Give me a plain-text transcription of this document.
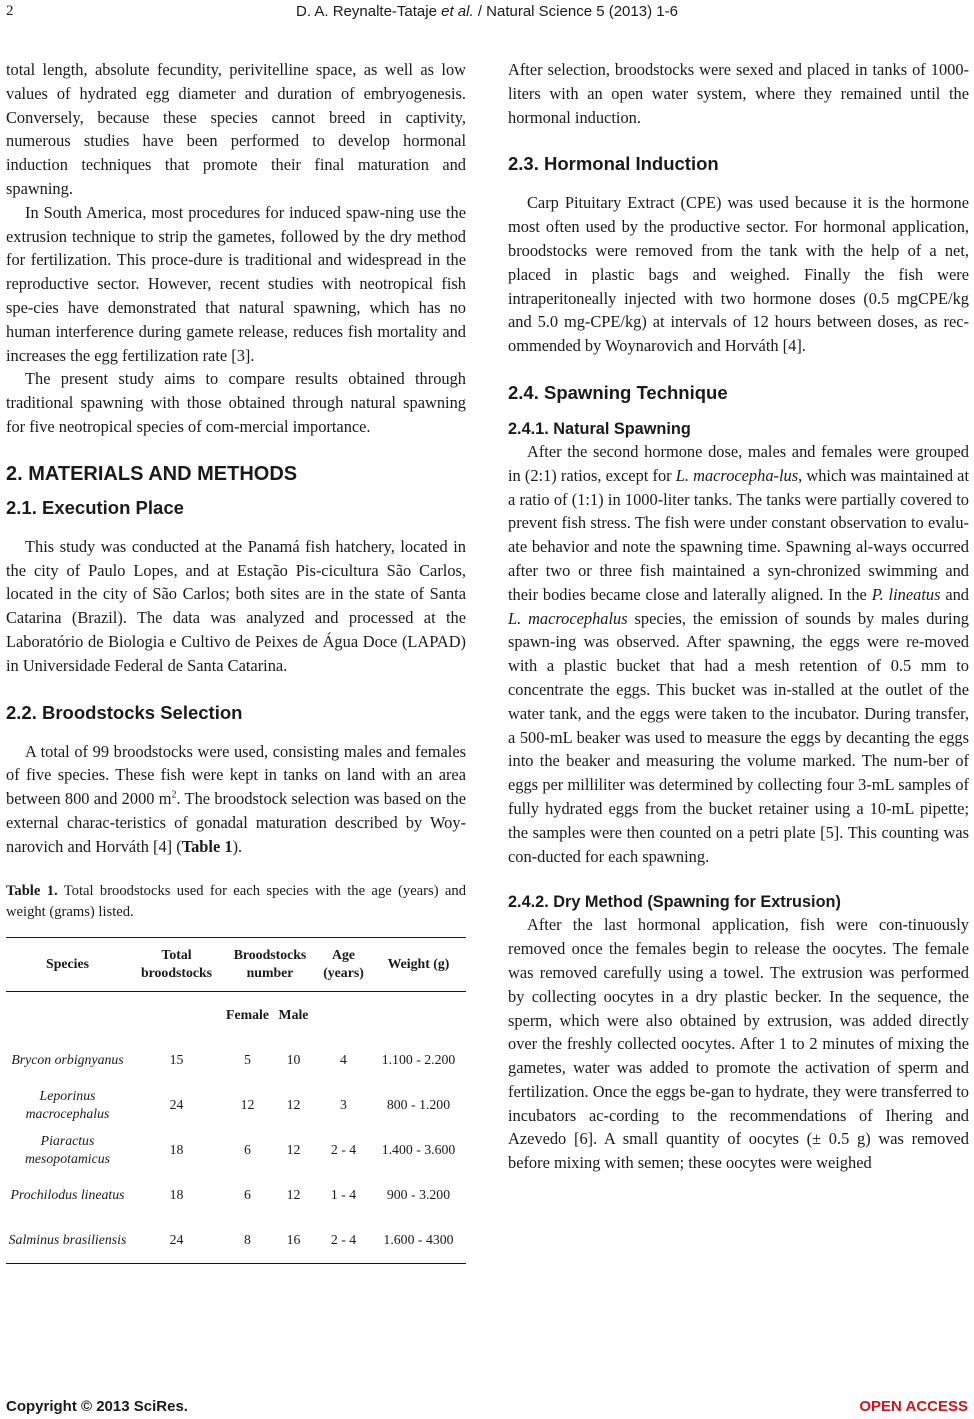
2	D. A. Reynalte-Tataje et al. / Natural Science 5 (2013) 1-6

total length, absolute fecundity, perivitelline space, as well as low values of hydrated egg diameter and duration of embryogenesis. Conversely, because these species cannot breed in captivity, numerous studies have been performed to develop hormonal induction techniques that promote their final maturation and spawning.

In South America, most procedures for induced spaw-ning use the extrusion technique to strip the gametes, followed by the dry method for fertilization. This proce-dure is traditional and widespread in the reproductive sector. However, recent studies with neotropical fish spe-cies have demonstrated that natural spawning, which has no human interference during gamete release, reduces fish mortality and increases the egg fertilization rate [3].

The present study aims to compare results obtained through traditional spawning with those obtained through natural spawning for five neotropical species of com-mercial importance.

2. MATERIALS AND METHODS
2.1. Execution Place

This study was conducted at the Panamá fish hatchery, located in the city of Paulo Lopes, and at Estação Pis-cicultura São Carlos, located in the city of São Carlos; both sites are in the state of Santa Catarina (Brazil). The data was analyzed and processed at the Laboratório de Biologia e Cultivo de Peixes de Água Doce (LAPAD) in Universidade Federal de Santa Catarina.

2.2. Broodstocks Selection

A total of 99 broodstocks were used, consisting males and females of five species. These fish were kept in tanks on land with an area between 800 and 2000 $m^2$. The broodstock selection was based on the external charac-teristics of gonadal maturation described by Woy-narovich and Horváth [4] (Table 1).

Table 1. Total broodstocks used for each species with the age (years) and weight (grams) listed.

Species	Total broodstocks	Broodstocks number		Age (years)	Weight (g)
		Female	Male		
Brycon orbignyanus	15	5	10	4	1.100 - 2.200
Leporinus macrocephalus	24	12	12	3	800 - 1.200
Piaractus mesopotamicus	18	6	12	2 - 4	1.400 - 3.600
Prochilodus lineatus	18	6	12	1 - 4	900 - 3.200
Salminus brasiliensis	24	8	16	2 - 4	1.600 - 4300

After selection, broodstocks were sexed and placed in tanks of 1000-liters with an open water system, where they remained until the hormonal induction.

2.3. Hormonal Induction

Carp Pituitary Extract (CPE) was used because it is the hormone most often used by the productive sector. For hormonal application, broodstocks were removed from the tank with the help of a net, placed in plastic bags and weighed. Finally the fish were intraperitoneally injected with two hormone doses (0.5 mgCPE/kg and 5.0 mg-CPE/kg) at intervals of 12 hours between doses, as rec-ommended by Woynarovich and Horváth [4].

2.4. Spawning Technique
2.4.1. Natural Spawning

After the second hormone dose, males and females were grouped in (2:1) ratios, except for L. macrocepha-lus, which was maintained at a ratio of (1:1) in 1000-liter tanks. The tanks were partially covered to prevent fish stress. The fish were under constant observation to evalu-ate behavior and note the spawning time. Spawning al-ways occurred after two or three fish maintained a syn-chronized swimming and their bodies became close and laterally aligned. In the P. lineatus and L. macrocephalus species, the emission of sounds by males during spawn-ing was observed. After spawning, the eggs were re-moved with a plastic bucket that had a mesh retention of 0.5 mm to concentrate the eggs. This bucket was in-stalled at the outlet of the water tank, and the eggs were taken to the incubator. During transfer, a 500-mL beaker was used to measure the eggs by decanting the eggs into the beaker and measuring the volume marked. The num-ber of eggs per milliliter was determined by collecting four 3-mL samples of fully hydrated eggs from the bucket retainer using a 10-mL pipette; the samples were then counted on a petri plate [5]. This counting was con-ducted for each spawning.

2.4.2. Dry Method (Spawning for Extrusion)

After the last hormonal application, fish were con-tinuously removed once the females begin to release the oocytes. The female was removed carefully using a towel. The extrusion was performed by collecting oocytes in a dry plastic becker. In the sequence, the sperm, which were also obtained by extrusion, was added directly over the freshly collected oocytes. After 1 to 2 minutes of mixing the gametes, water was added to promote the activation of sperm and fertilization. Once the eggs be-gan to hydrate, they were transferred to incubators ac-cording to the recommendations of Ihering and Azevedo [6]. A small quantity of oocytes (± 0.5 g) was removed before mixing with semen; these oocytes were weighed

Copyright © 2013 SciRes.	OPEN ACCESS
